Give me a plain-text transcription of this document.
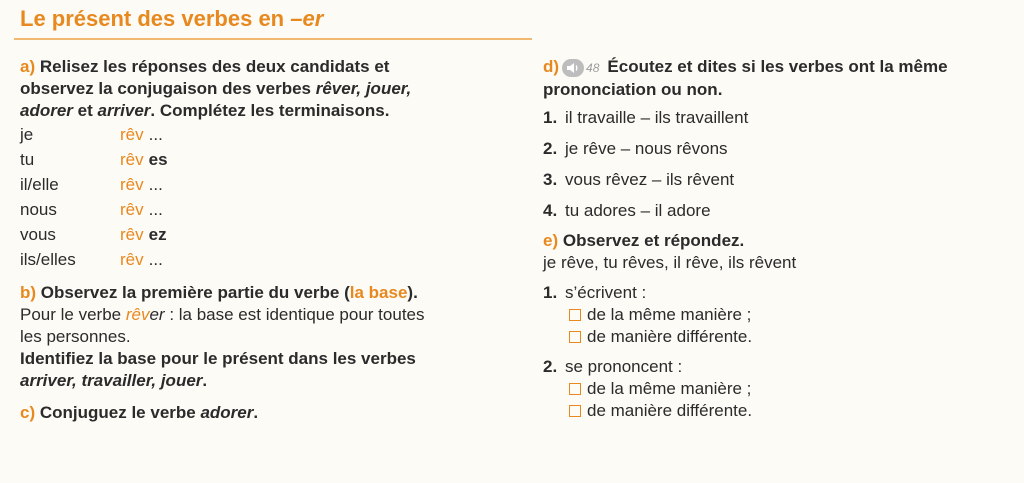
Le présent des verbes en –er
a) Relisez les réponses des deux candidats et
observez la conjugaison des verbes rêver, jouer,
adorer et arriver. Complétez les terminaisons.
je	rêv ...
tu	rêv es
il/elle	rêv ...
nous	rêv ...
vous	rêv ez
ils/elles	rêv ...
b) Observez la première partie du verbe (la base).
Pour le verbe rêver : la base est identique pour toutes
les personnes.
Identifiez la base pour le présent dans les verbes
arriver, travailler, jouer.
c) Conjuguez le verbe adorer.
d) 48 Écoutez et dites si les verbes ont la même
prononciation ou non.
1. il travaille – ils travaillent
2. je rêve – nous rêvons
3. vous rêvez – ils rêvent
4. tu adores – il adore
e) Observez et répondez.
je rêve, tu rêves, il rêve, ils rêvent
1. s’écrivent :
de la même manière ;
de manière différente.
2. se prononcent :
de la même manière ;
de manière différente.
